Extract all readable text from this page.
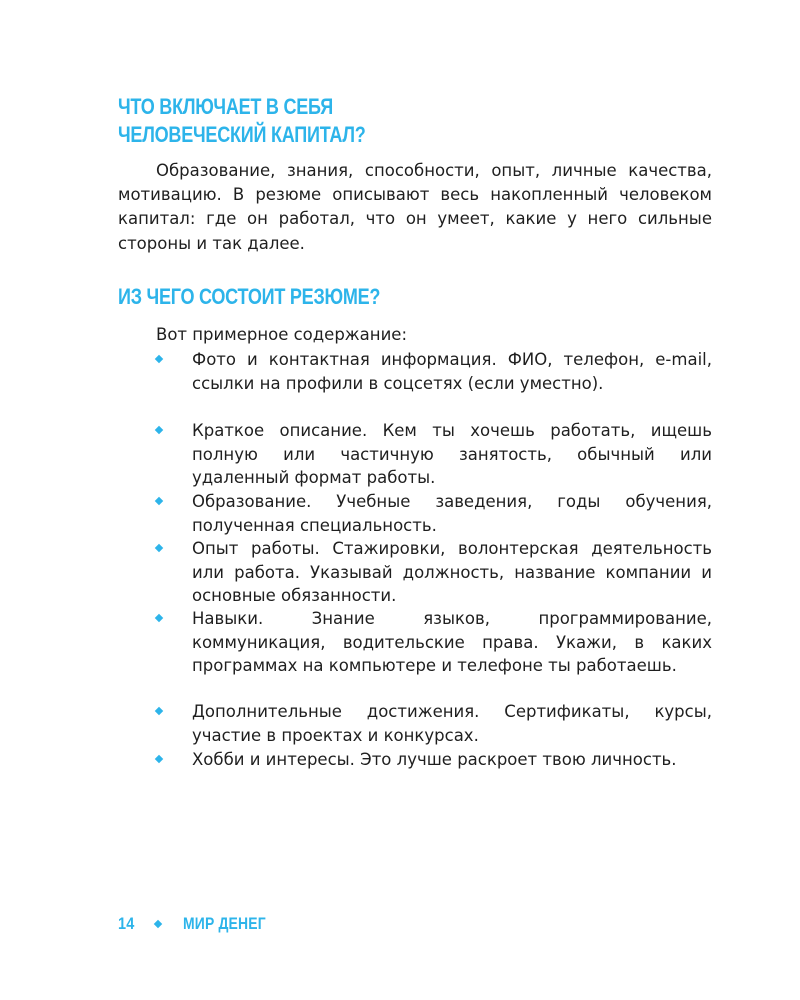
ЧТО ВКЛЮЧАЕТ В СЕБЯ
ЧЕЛОВЕЧЕСКИЙ КАПИТАЛ?

Образование, знания, способности, опыт, личные качества, мотивацию. В резюме описывают весь накопленный человеком капитал: где он работал, что он умеет, какие у него сильные стороны и так далее.

ИЗ ЧЕГО СОСТОИТ РЕЗЮМЕ?

Вот примерное содержание:

Фото и контактная информация. ФИО, телефон, e-mail, ссылки на профили в соцсетях (если уместно).

Краткое описание. Кем ты хочешь работать, ищешь полную или частичную занятость, обычный или удаленный формат работы.

Образование. Учебные заведения, годы обучения, полученная специальность.

Опыт работы. Стажировки, волонтерская деятельность или работа. Указывай должность, название компании и основные обязанности.

Навыки. Знание языков, программирование, коммуникация, водительские права. Укажи, в каких программах на компьютере и телефоне ты работаешь.

Дополнительные достижения. Сертификаты, курсы, участие в проектах и конкурсах.

Хобби и интересы. Это лучше раскроет твою личность.

14	МИР ДЕНЕГ
